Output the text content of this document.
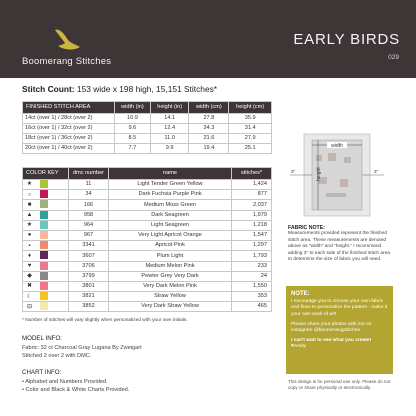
Boomerang Stitches
EARLY BIRDS
029
Stitch Count: 153 wide x 198 high, 15,151 Stitches*
FINISHED STITCH AREA	width (in)	height (in)	width (cm)	height (cm)
14ct (over 1) / 28ct (over 2)	10.9	14.1	27.8	35.9
16ct (over 1) / 32ct (over 2)	9.6	12.4	24.3	31.4
18ct (over 1) / 36ct (over 2)	8.5	11.0	21.6	27.9
20ct (over 1) / 40ct (over 2)	7.7	9.9	19.4	25.1
COLOR KEY	dmc number	name	stitches*
★	11	Light Tender Green Yellow	1,424
○	34	Dark Fuchsia Purple Pink	877
■	166	Medium Moss Green	2,037
▲	958	Dark Seagreen	1,979
★	964	Light Seagreen	1,218
●	967	Very Light Apricot Orange	1,547
▪	3341	Apricot Pink	1,297
♦	3607	Plum Light	1,793
♥	3706	Medium Melon Pink	233
◆	3799	Pewter Grey Very Dark	24
✖	3801	Very Dark Melon Pink	1,550
☾	3821	Straw Yellow	353
⊟	3852	Very Dark Straw Yellow	465
* Number of stitches will vary slightly when personalized with your own initials.
MODEL INFO:
Fabric: 32 ct Charcoal Gray Lugana By Zweigart
Stitched 2 over 2 with DMC.
CHART INFO:
• Alphabet and Numbers Provided.
• Color and Black & White Charts Provided.
width
height
3"	3"
FABRIC NOTE:
Measurements provided represent the finished stitch area. These measurements are denoted above as "width" and "height." I recommend adding 3" to each side of the finished stitch area to determine the size of fabric you will need.
NOTE:

I encourage you to choose your own fabric and floss to personalize the pattern - make it your own work of art!

Please share your photos with me on instagram @boomerangstitches.

I can't wait to see what you create!

♥Amity
This design is for personal use only. Please do not copy or share physically or electronically.
